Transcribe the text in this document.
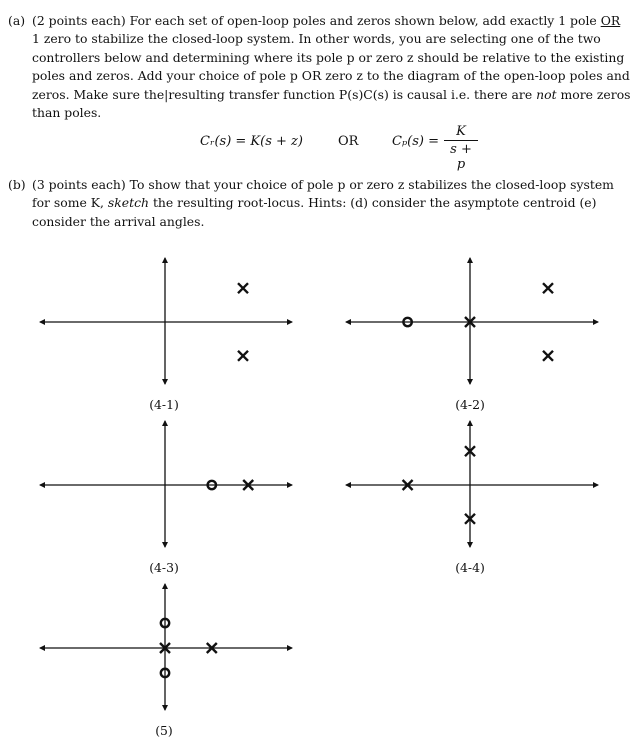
(a) (2 points each) For each set of open-loop poles and zeros shown below, add exactly 1 pole OR 1 zero to stabilize the closed-loop system. In other words, you are selecting one of the two controllers below and determining where its pole p or zero z should be relative to the existing poles and zeros. Add your choice of pole p OR zero z to the diagram of the open-loop poles and zeros. Make sure the|resulting transfer function P(s)C(s) is causal i.e. there are not more zeros than poles.
Cᵣ(s) = K(s + z)	OR	$C_p(s) = \frac{K}{s + p}$
(b) (3 points each) To show that your choice of pole p or zero z stabilizes the closed-loop system for some K, sketch the resulting root-locus. Hints: (d) consider the asymptote centroid (e) consider the arrival angles.
(4-1)	(4-2)
(4-3)	(4-4)
(5)
